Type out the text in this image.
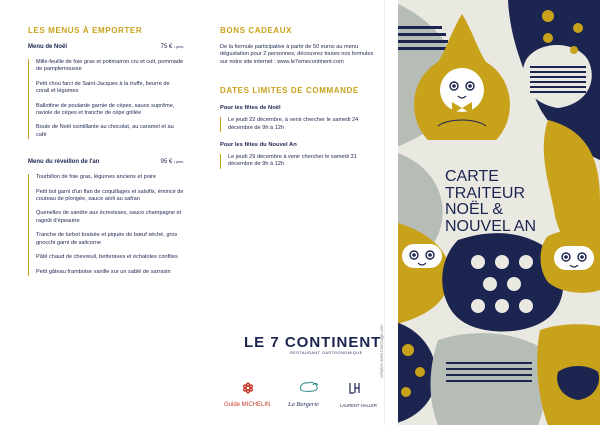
LES MENUS À EMPORTER
Menu de Noël	75 € / pers.
Mille-feuille de foie gras et potimarron cru et cuit, pommade de pamplemousse
Petit chou farci de Saint-Jacques à la truffe, beurre de corail et légumes
Ballottine de poularde garnie de cèpes, sauce suprême, raviole de cèpes et tranche de cèpe grillée
Boule de Noël scintillante au chocolat, au caramel et au café
Menu du réveillon de l'an	95 € / pers.
Tourbillon de foie gras, légumes anciens et poire
Petit bol garni d'un flan de coquillages et salsifis, émincé de couteau de plongée, sauce aïoli au safran
Quenelles de sandre aux écrevisses, sauce champagne et ragoût d'épeautre
Tranche de turbot braisée et piquée de bœuf séché, gros gnocchi garni de salicorne
Pâté chaud de chevreuil, betteraves et échalotes confites
Petit gâteau framboise vanille sur un sablé de sarrasin
BONS CADEAUX

De la formule participative à partir de 50 euros au menu dégustation pour 2 personnes, découvrez toutes nos formules sur notre site internet : www.le7emecontinent.com

DATES LIMITES DE COMMANDE
Pour les fêtes de Noël
Le jeudi 22 décembre, à venir chercher le samedi 24 décembre de 9h à 12h
Pour les fêtes du Nouvel An
Le jeudi 29 décembre à venir chercher le samedi 31 décembre de 9h à 12h
LE 7 CONTINENT
RESTAURANT GASTRONOMIQUE
Guide MICHELIN	La Bergerie	LAURENT HALLER
création www.marcsage.com
CARTE
TRAITEUR
NOËL &
NOUVEL AN
